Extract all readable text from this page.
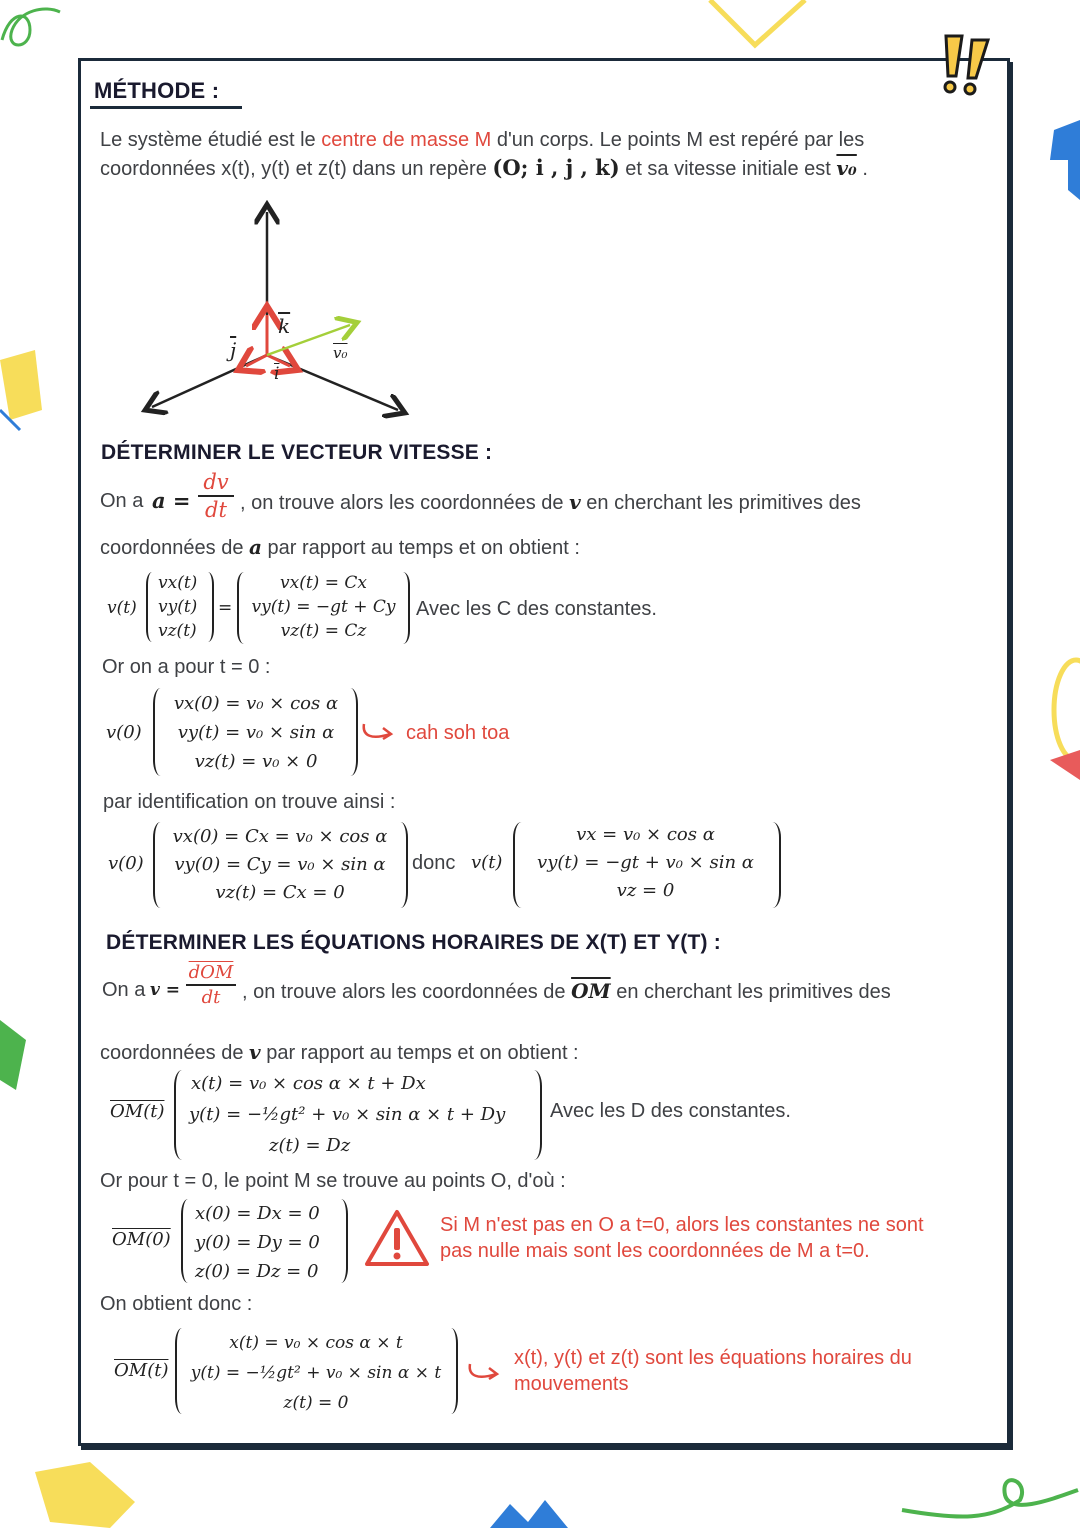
MÉTHODE :
Le système étudié est le centre de masse M d'un corps. Le points M est repéré par les
coordonnées x(t), y(t) et z(t) dans un repère (O; i , j , k) et sa vitesse initiale est v₀ .
$\overline{k}$
$\overline{j}$
$\overline{i}$
v₀
DÉTERMINER LE VECTEUR VITESSE :
On a a =
dv
dt , on trouve alors les coordonnées de v en cherchant les primitives des
coordonnées de a par rapport au temps et on obtient :
v(t)
vx(t)
vy(t)
vz(t)
=
vx(t) = Cx
vy(t) = −gt + Cy
vz(t) = Cz
Avec les C des constantes.
Or on a pour t = 0 :
v(0)
vx(0) = v₀ × cos α
vy(t) = v₀ × sin α
vz(t) = v₀ × 0
cah soh toa
par identification on trouve ainsi :
v(0)
vx(0) = Cx = v₀ × cos α
vy(0) = Cy = v₀ × sin α
vz(t) = Cx = 0
donc v(t)
vx = v₀ × cos α
vy(t) = −gt + v₀ × sin α
vz = 0
DÉTERMINER LES ÉQUATIONS HORAIRES DE X(T) ET Y(T) :
On a v =
$\overline{dOM}$
dt	, on trouve alors les coordonnées de $\overline{OM}$ en cherchant les primitives des
coordonnées de v par rapport au temps et on obtient :
OM(t)
x(t) = v₀ × cos α × t + Dx
y(t) = −½gt² + v₀ × sin α × t + Dy
z(t) = Dz
Avec les D des constantes.
Or pour t = 0, le point M se trouve au points O, d'où :
OM(0)
x(0) = Dx = 0
y(0) = Dy = 0
z(0) = Dz = 0
Si M n'est pas en O a t=0, alors les constantes ne sont
pas nulle mais sont les coordonnées de M a t=0.
On obtient donc :
OM(t)
x(t) = v₀ × cos α × t
y(t) = −½gt² + v₀ × sin α × t
z(t) = 0
x(t), y(t) et z(t) sont les équations horaires du
mouvements
